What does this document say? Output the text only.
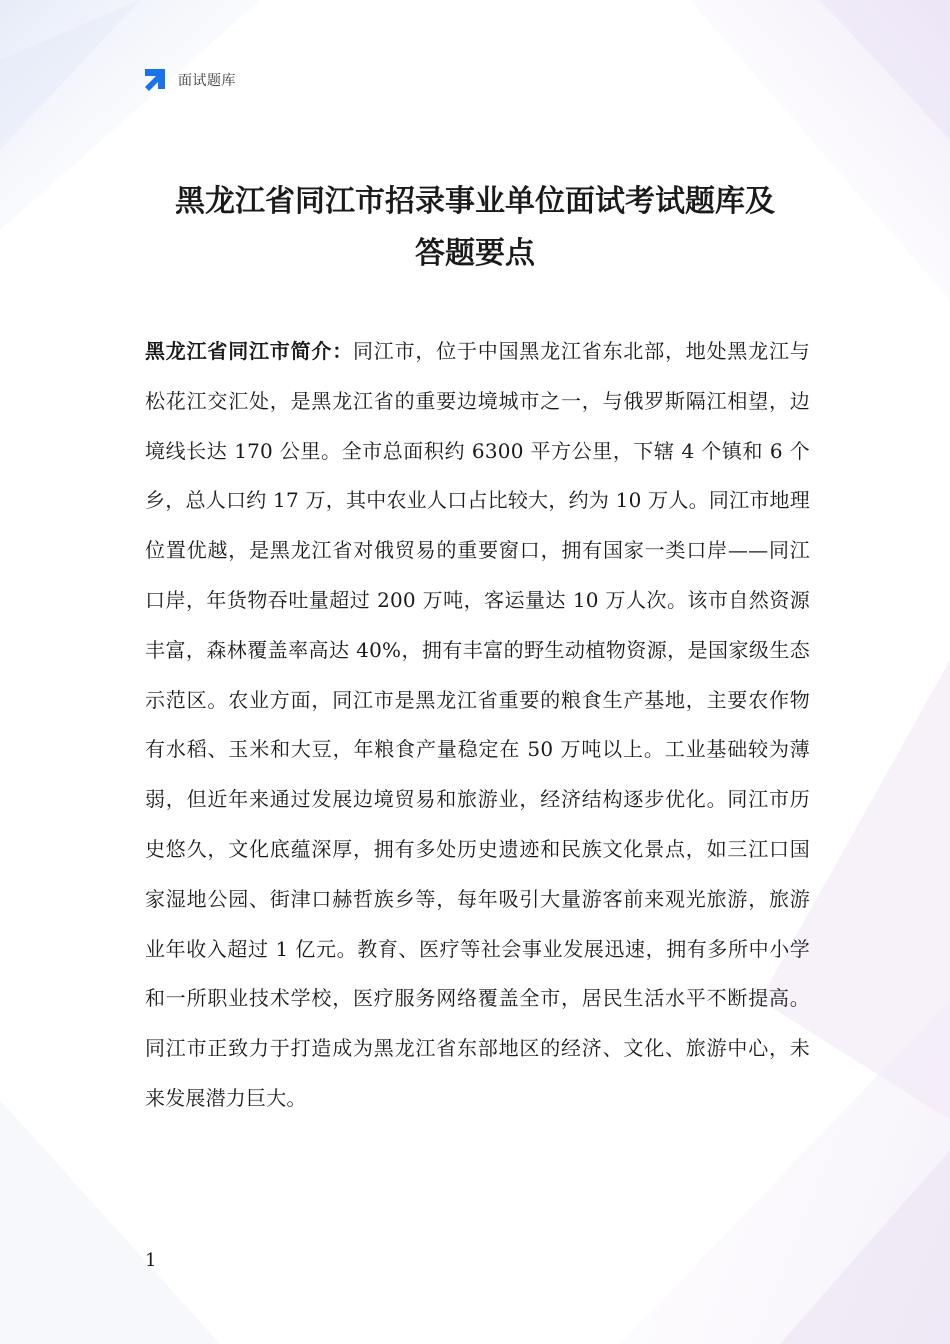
面试题库
黑龙江省同江市招录事业单位面试考试题库及
答题要点

黑龙江省同江市简介：同江市，位于中国黑龙江省东北部，地处黑龙江与松花江交汇处，是黑龙江省的重要边境城市之一，与俄罗斯隔江相望，边境线长达 170 公里。全市总面积约 6300 平方公里，下辖 4 个镇和 6 个乡，总人口约 17 万，其中农业人口占比较大，约为 10 万人。同江市地理位置优越，是黑龙江省对俄贸易的重要窗口，拥有国家一类口岸——同江口岸，年货物吞吐量超过 200 万吨，客运量达 10 万人次。该市自然资源丰富，森林覆盖率高达 40%，拥有丰富的野生动植物资源，是国家级生态示范区。农业方面，同江市是黑龙江省重要的粮食生产基地，主要农作物有水稻、玉米和大豆，年粮食产量稳定在 50 万吨以上。工业基础较为薄弱，但近年来通过发展边境贸易和旅游业，经济结构逐步优化。同江市历史悠久，文化底蕴深厚，拥有多处历史遗迹和民族文化景点，如三江口国家湿地公园、街津口赫哲族乡等，每年吸引大量游客前来观光旅游，旅游业年收入超过 1 亿元。教育、医疗等社会事业发展迅速，拥有多所中小学和一所职业技术学校，医疗服务网络覆盖全市，居民生活水平不断提高。同江市正致力于打造成为黑龙江省东部地区的经济、文化、旅游中心，未来发展潜力巨大。

1
